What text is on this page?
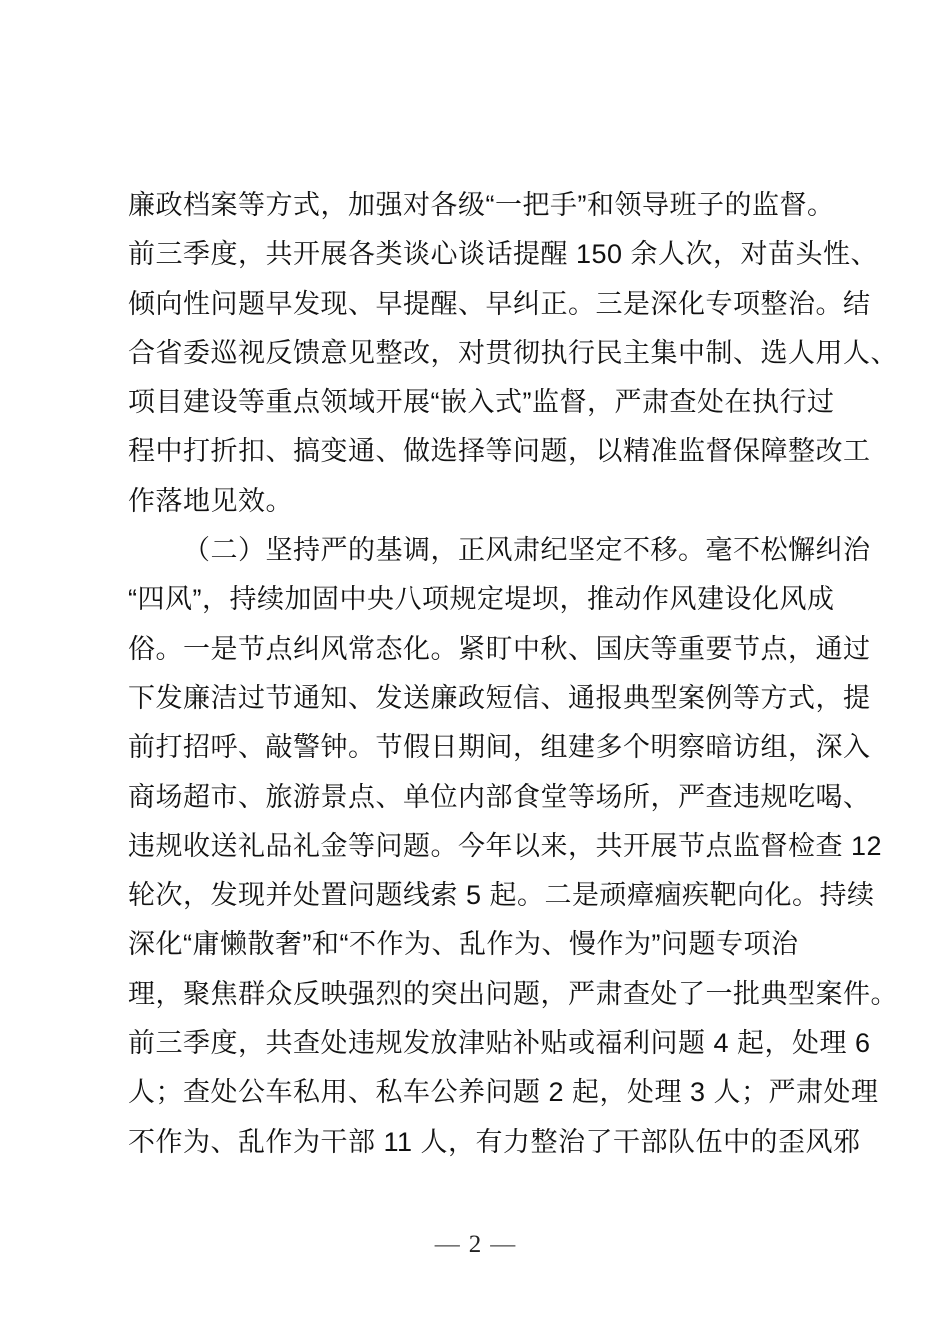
廉政档案等方式，加强对各级“一把手”和领导班子的监督。
前三季度，共开展各类谈心谈话提醒 150 余人次，对苗头性、
倾向性问题早发现、早提醒、早纠正。三是深化专项整治。结
合省委巡视反馈意见整改，对贯彻执行民主集中制、选人用人、
项目建设等重点领域开展“嵌入式”监督，严肃查处在执行过
程中打折扣、搞变通、做选择等问题，以精准监督保障整改工
作落地见效。
（二）坚持严的基调，正风肃纪坚定不移。毫不松懈纠治
“四风”，持续加固中央八项规定堤坝，推动作风建设化风成
俗。一是节点纠风常态化。紧盯中秋、国庆等重要节点，通过
下发廉洁过节通知、发送廉政短信、通报典型案例等方式，提
前打招呼、敲警钟。节假日期间，组建多个明察暗访组，深入
商场超市、旅游景点、单位内部食堂等场所，严查违规吃喝、
违规收送礼品礼金等问题。今年以来，共开展节点监督检查 12
轮次，发现并处置问题线索 5 起。二是顽瘴痼疾靶向化。持续
深化“庸懒散奢”和“不作为、乱作为、慢作为”问题专项治
理，聚焦群众反映强烈的突出问题，严肃查处了一批典型案件。
前三季度，共查处违规发放津贴补贴或福利问题 4 起，处理 6
人；查处公车私用、私车公养问题 2 起，处理 3 人；严肃处理
不作为、乱作为干部 11 人，有力整治了干部队伍中的歪风邪
— 2 —
